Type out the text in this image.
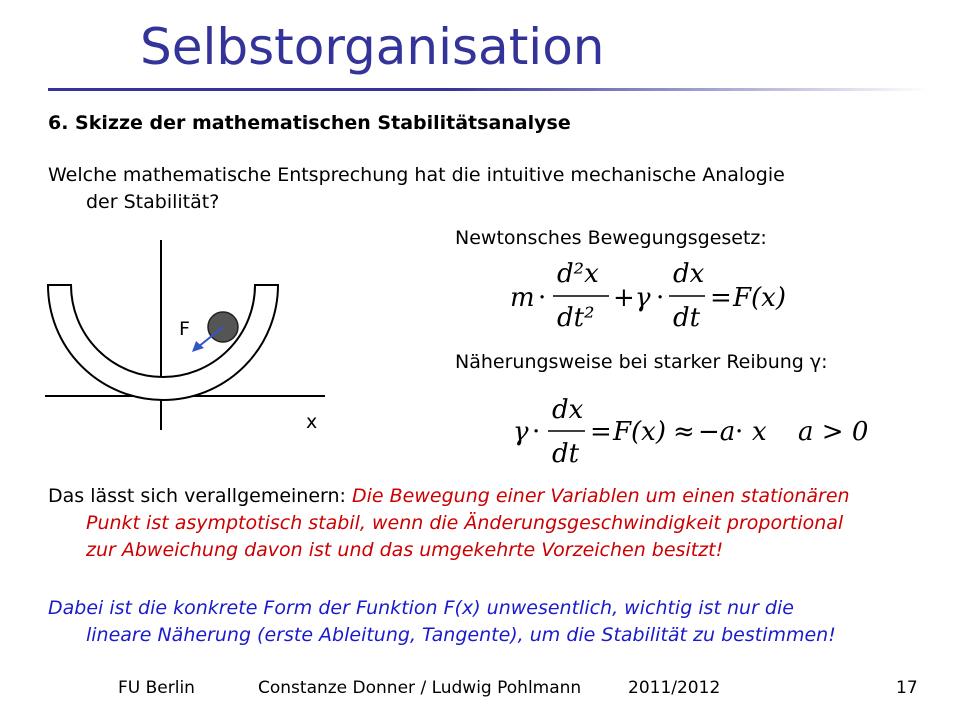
Selbstorganisation
6. Skizze der mathematischen Stabilitätsanalyse
Welche mathematische Entsprechung hat die intuitive mechanische Analogie
der Stabilität?
F
x
Newtonsches Bewegungsgesetz:
m ·
d²x
dt²
+ γ ·
dx
dt
= F(x)
Näherungsweise bei starker Reibung γ:
γ ·
dx
dt
= F(x) ≈ −a · x a > 0
Das lässt sich verallgemeinern: Die Bewegung einer Variablen um einen stationären
Punkt ist asymptotisch stabil, wenn die Änderungsgeschwindigkeit proportional
zur Abweichung davon ist und das umgekehrte Vorzeichen besitzt!
Dabei ist die konkrete Form der Funktion F(x) unwesentlich, wichtig ist nur die
lineare Näherung (erste Ableitung, Tangente), um die Stabilität zu bestimmen!
FU Berlin	Constanze Donner / Ludwig Pohlmann	2011/2012	17
